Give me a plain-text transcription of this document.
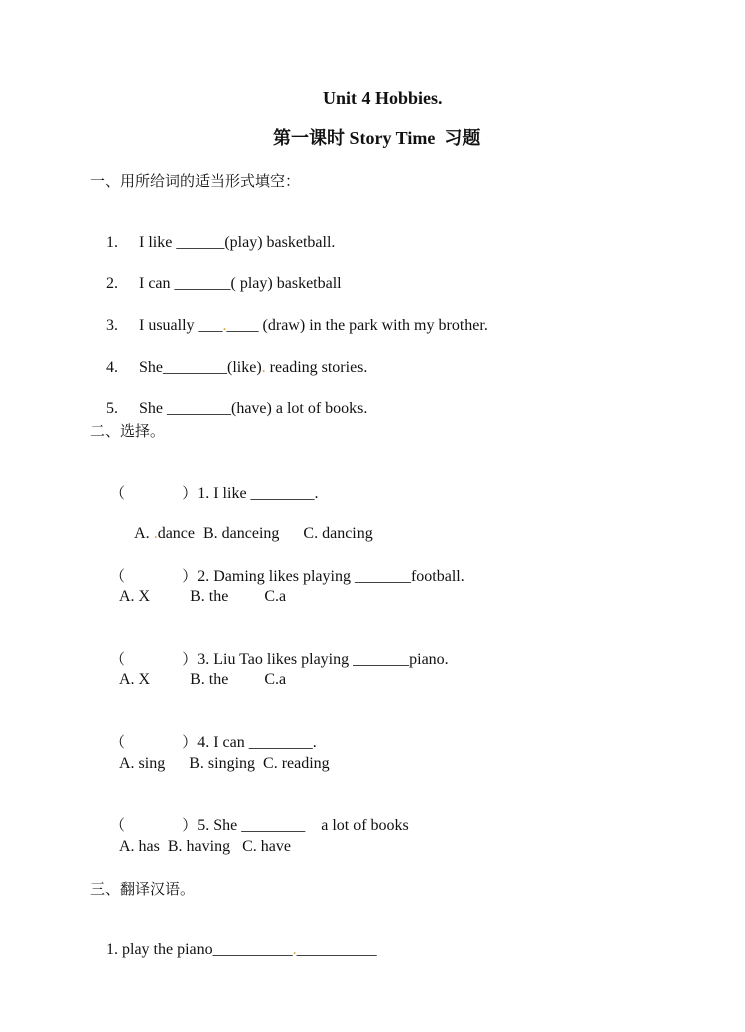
Unit 4 Hobbies.
第一课时 Story Time  习题
一、用所给词的适当形式填空：

1. I like ______(play) basketball.

2. I can _______( play) basketball

3. I usually ___.____ (draw) in the park with my brother.

4. She________(like). reading stories.

5. She ________(have) a lot of books.

二、选择。

（            ）1. I like ________.

A. .dance  B. danceing      C. dancing

（            ）2. Daming likes playing _______football.

A. X          B. the         C.a

（            ）3. Liu Tao likes playing _______piano.

A. X          B. the         C.a

（            ）4. I can ________.

A. sing      B. singing  C. reading

（            ）5. She ________    a lot of books

A. has  B. having   C. have
三、翻译汉语。

1. play the piano__________.__________
